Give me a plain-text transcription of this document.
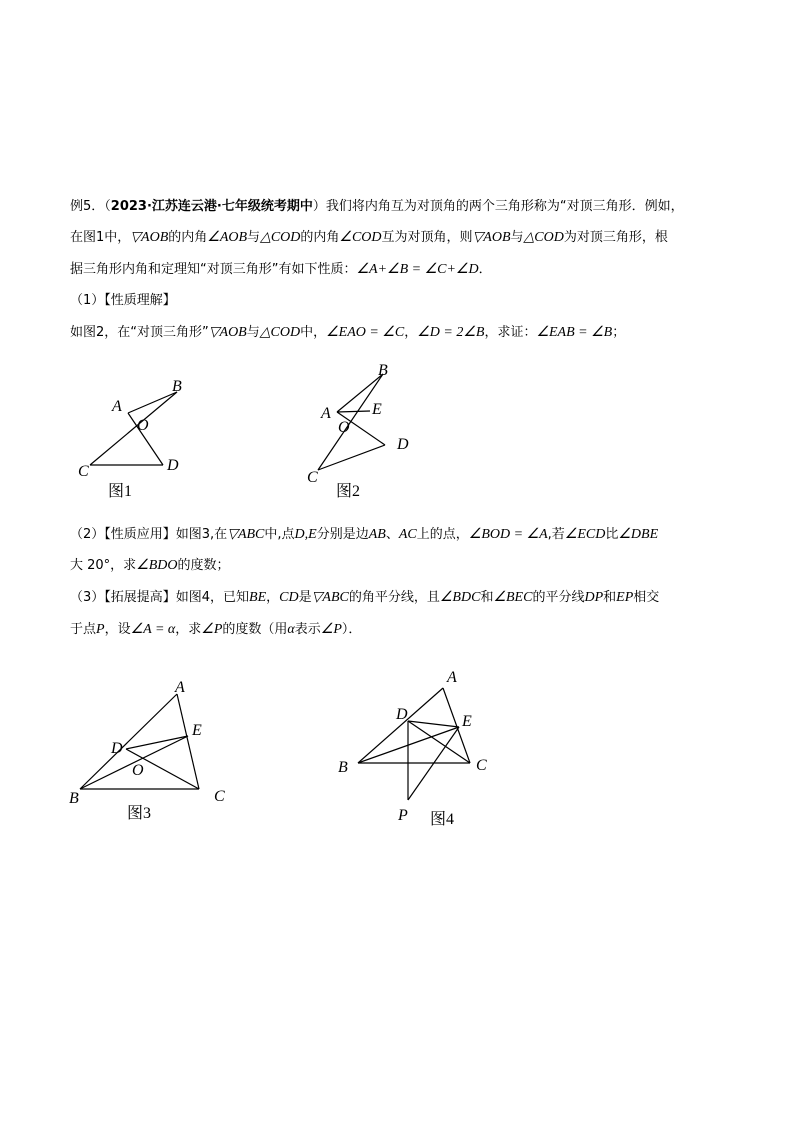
例5．（2023·江苏连云港·七年级统考期中）我们将内角互为对顶角的两个三角形称为“对顶三角形．例如，
在图1中，▽AOB的内角∠AOB与△COD的内角∠COD互为对顶角，则▽AOB与△COD为对顶三角形，根
据三角形内角和定理知“对顶三角形”有如下性质：∠A+∠B = ∠C+∠D．
（1）【性质理解】
如图2，在“对顶三角形”▽AOB与△COD中，∠EAO = ∠C，∠D = 2∠B，求证：∠EAB = ∠B；
A
B
O
C	D
图1
A
B
E
O
D
C
图2
（2）【性质应用】如图3,在▽ABC中,点D,E分别是边AB、AC上的点，∠BOD = ∠A,若∠ECD比∠DBE
大 20°，求∠BDO的度数；
（3）【拓展提高】如图4，已知BE，CD是▽ABC的角平分线，且∠BDC和∠BEC的平分线DP和EP相交
于点P，设∠A = α，求∠P的度数（用α表示∠P）．
A
E
D
O
B	C
图3
A
D	E
B	C
P 图4
